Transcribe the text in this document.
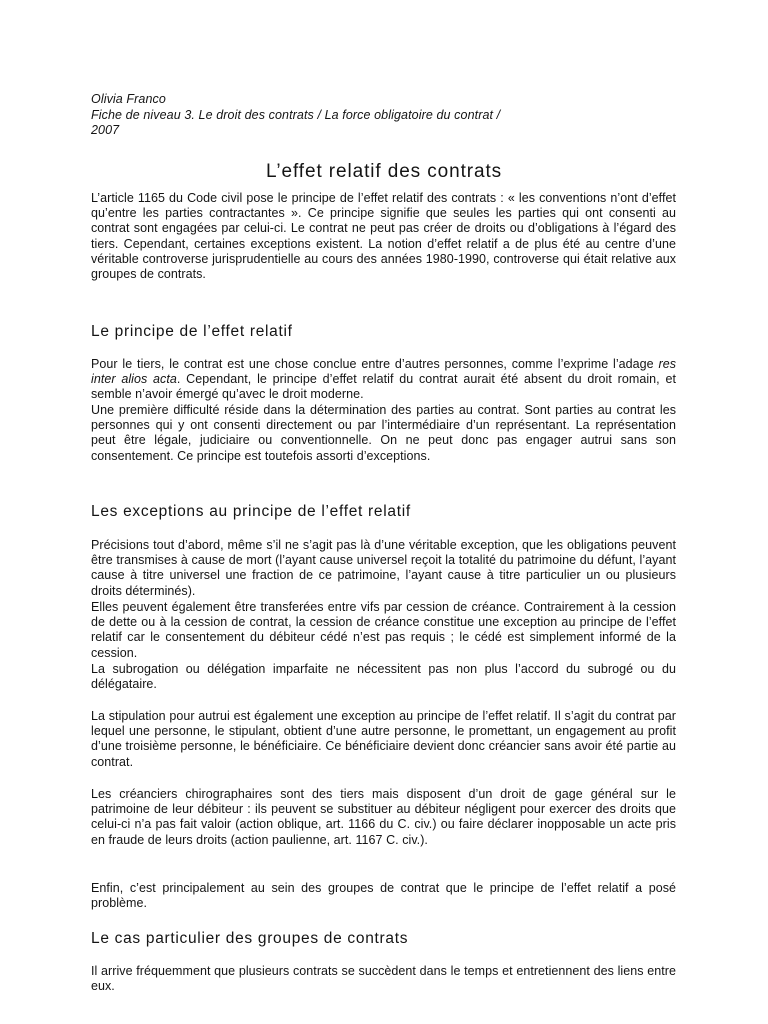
Olivia Franco
Fiche de niveau 3. Le droit des contrats / La force obligatoire du contrat /
2007
L’effet relatif des contrats
L’article 1165 du Code civil pose le principe de l’effet relatif des contrats : « les conventions n’ont d’effet qu’entre les parties contractantes ». Ce principe signifie que seules les parties qui ont consenti au contrat sont engagées par celui-ci. Le contrat ne peut pas créer de droits ou d’obligations à l’égard des tiers. Cependant, certaines exceptions existent. La notion d’effet relatif a de plus été au centre d’une véritable controverse jurisprudentielle au cours des années 1980-1990, controverse qui était relative aux groupes de contrats.
Le principe de l’effet relatif
Pour le tiers, le contrat est une chose conclue entre d’autres personnes, comme l’exprime l’adage res inter alios acta. Cependant, le principe d’effet relatif du contrat aurait été absent du droit romain, et semble n’avoir émergé qu’avec le droit moderne.
Une première difficulté réside dans la détermination des parties au contrat. Sont parties au contrat les personnes qui y ont consenti directement ou par l’intermédiaire d’un représentant. La représentation peut être légale, judiciaire ou conventionnelle. On ne peut donc pas engager autrui sans son consentement. Ce principe est toutefois assorti d’exceptions.
Les exceptions au principe de l’effet relatif
Précisions tout d’abord, même s’il ne s’agit pas là d’une véritable exception, que les obligations peuvent être transmises à cause de mort (l’ayant cause universel reçoit la totalité du patrimoine du défunt, l’ayant cause à titre universel une fraction de ce patrimoine, l’ayant cause à titre particulier un ou plusieurs droits déterminés).
Elles peuvent également être transferées entre vifs par cession de créance. Contrairement à la cession de dette ou à la cession de contrat, la cession de créance constitue une exception au principe de l’effet relatif car le consentement du débiteur cédé n’est pas requis ; le cédé est simplement informé de la cession.
La subrogation ou délégation imparfaite ne nécessitent pas non plus l’accord du subrogé ou du délégataire.
La stipulation pour autrui est également une exception au principe de l’effet relatif. Il s’agit du contrat par lequel une personne, le stipulant, obtient d’une autre personne, le promettant, un engagement au profit d’une troisième personne, le bénéficiaire. Ce bénéficiaire devient donc créancier sans avoir été partie au contrat.
Les créanciers chirographaires sont des tiers mais disposent d’un droit de gage général sur le patrimoine de leur débiteur : ils peuvent se substituer au débiteur négligent pour exercer des droits que celui-ci n’a pas fait valoir (action oblique, art. 1166 du C. civ.) ou faire déclarer inopposable un acte pris en fraude de leurs droits (action paulienne, art. 1167 C. civ.).
Enfin, c’est principalement au sein des groupes de contrat que le principe de l’effet relatif a posé problème.
Le cas particulier des groupes de contrats
Il arrive fréquemment que plusieurs contrats se succèdent dans le temps et entretiennent des liens entre eux.
